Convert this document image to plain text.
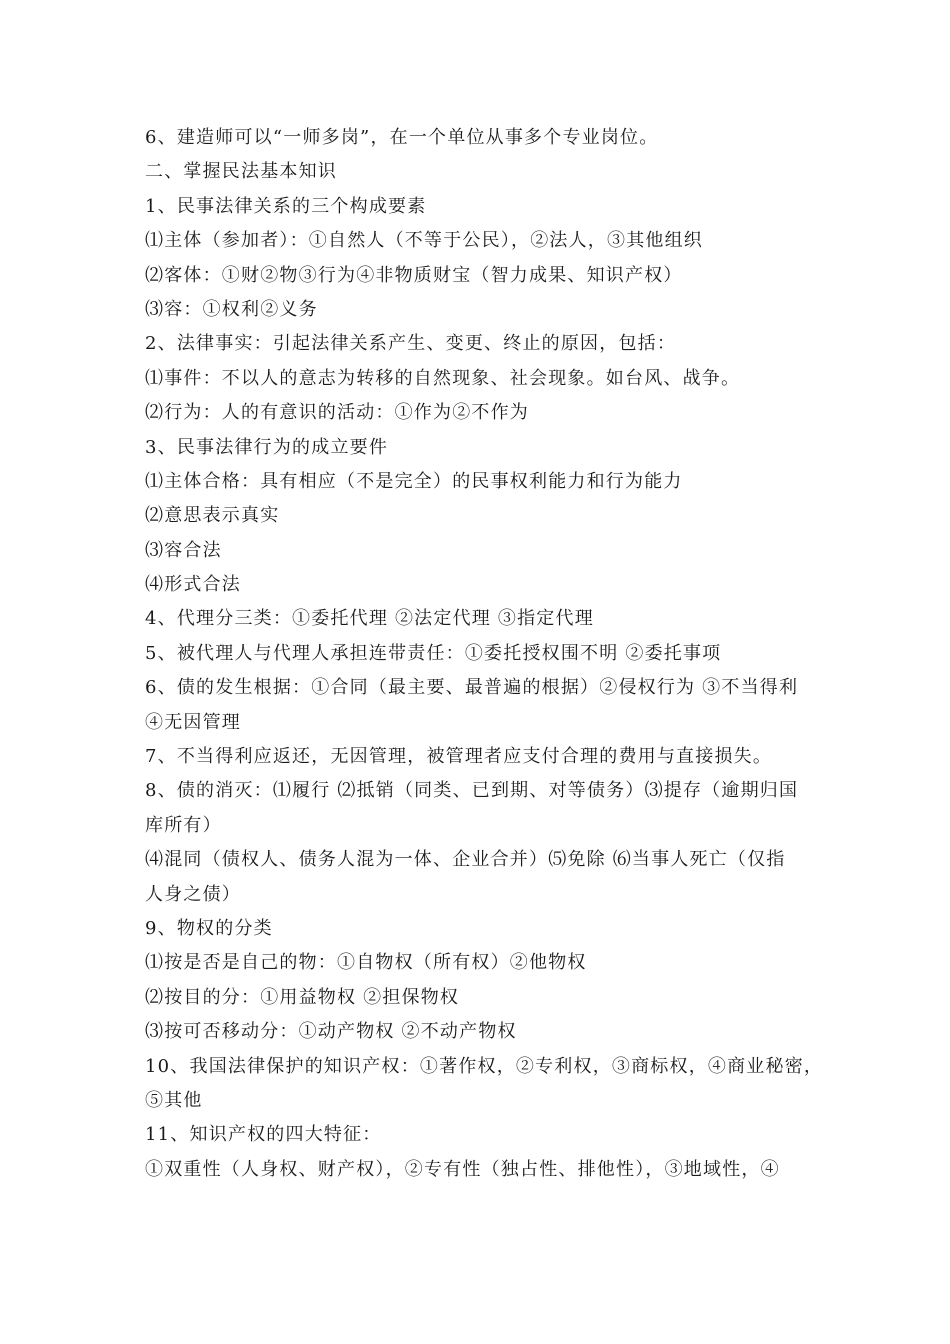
6、建造师可以“一师多岗”，在一个单位从事多个专业岗位。
二、掌握民法基本知识
1、民事法律关系的三个构成要素
⑴主体（参加者）：①自然人（不等于公民），②法人，③其他组织
⑵客体：①财②物③行为④非物质财宝（智力成果、知识产权）
⑶容：①权利②义务
2、法律事实：引起法律关系产生、变更、终止的原因，包括：
⑴事件：不以人的意志为转移的自然现象、社会现象。如台风、战争。
⑵行为：人的有意识的活动：①作为②不作为
3、民事法律行为的成立要件
⑴主体合格：具有相应（不是完全）的民事权利能力和行为能力
⑵意思表示真实
⑶容合法
⑷形式合法
4、代理分三类：①委托代理 ②法定代理 ③指定代理
5、被代理人与代理人承担连带责任：①委托授权围不明 ②委托事项
6、债的发生根据：①合同（最主要、最普遍的根据）②侵权行为 ③不当得利
④无因管理
7、不当得利应返还，无因管理，被管理者应支付合理的费用与直接损失。
8、债的消灭：⑴履行 ⑵抵销（同类、已到期、对等债务）⑶提存（逾期归国
库所有）
⑷混同（债权人、债务人混为一体、企业合并）⑸免除 ⑹当事人死亡（仅指
人身之债）
9、物权的分类
⑴按是否是自己的物：①自物权（所有权）②他物权
⑵按目的分：①用益物权 ②担保物权
⑶按可否移动分：①动产物权 ②不动产物权
10、我国法律保护的知识产权：①著作权，②专利权，③商标权，④商业秘密，
⑤其他
11、知识产权的四大特征：
①双重性（人身权、财产权），②专有性（独占性、排他性），③地域性，④
